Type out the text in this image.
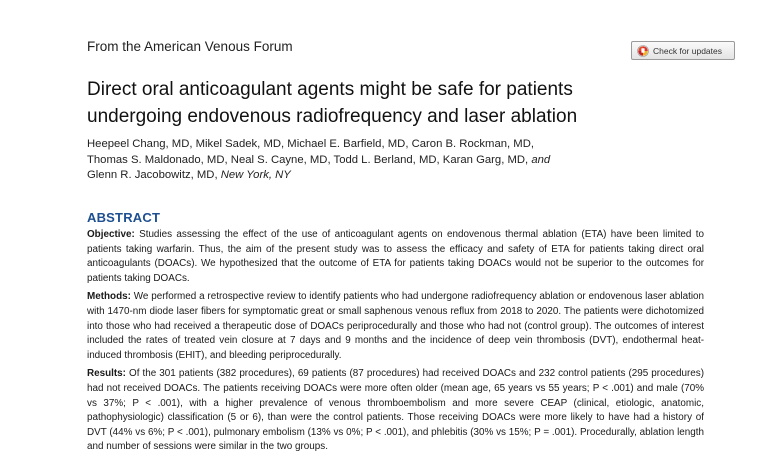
From the American Venous Forum	Check for updates
Direct oral anticoagulant agents might be safe for patients
undergoing endovenous radiofrequency and laser ablation
Heepeel Chang, MD, Mikel Sadek, MD, Michael E. Barfield, MD, Caron B. Rockman, MD,
Thomas S. Maldonado, MD, Neal S. Cayne, MD, Todd L. Berland, MD, Karan Garg, MD, and
Glenn R. Jacobowitz, MD, New York, NY
ABSTRACT

Objective: Studies assessing the effect of the use of anticoagulant agents on endovenous thermal ablation (ETA) have been limited to patients taking warfarin. Thus, the aim of the present study was to assess the efficacy and safety of ETA for patients taking direct oral anticoagulants (DOACs). We hypothesized that the outcome of ETA for patients taking DOACs would not be superior to the outcomes for patients taking DOACs.

Methods: We performed a retrospective review to identify patients who had undergone radiofrequency ablation or endovenous laser ablation with 1470-nm diode laser fibers for symptomatic great or small saphenous venous reflux from 2018 to 2020. The patients were dichotomized into those who had received a therapeutic dose of DOACs periprocedurally and those who had not (control group). The outcomes of interest included the rates of treated vein closure at 7 days and 9 months and the incidence of deep vein thrombosis (DVT), endothermal heat-induced thrombosis (EHIT), and bleeding periprocedurally.

Results: Of the 301 patients (382 procedures), 69 patients (87 procedures) had received DOACs and 232 control patients (295 procedures) had not received DOACs. The patients receiving DOACs were more often older (mean age, 65 years vs 55 years; P < .001) and male (70% vs 37%; P < .001), with a higher prevalence of venous thromboembolism and more severe CEAP (clinical, etiologic, anatomic, pathophysiologic) classification (5 or 6), than were the control patients. Those receiving DOACs were more likely to have had a history of DVT (44% vs 6%; P < .001), pulmonary embolism (13% vs 0%; P < .001), and phlebitis (30% vs 15%; P = .001). Procedurally, ablation length and number of sessions were similar in the two groups.
